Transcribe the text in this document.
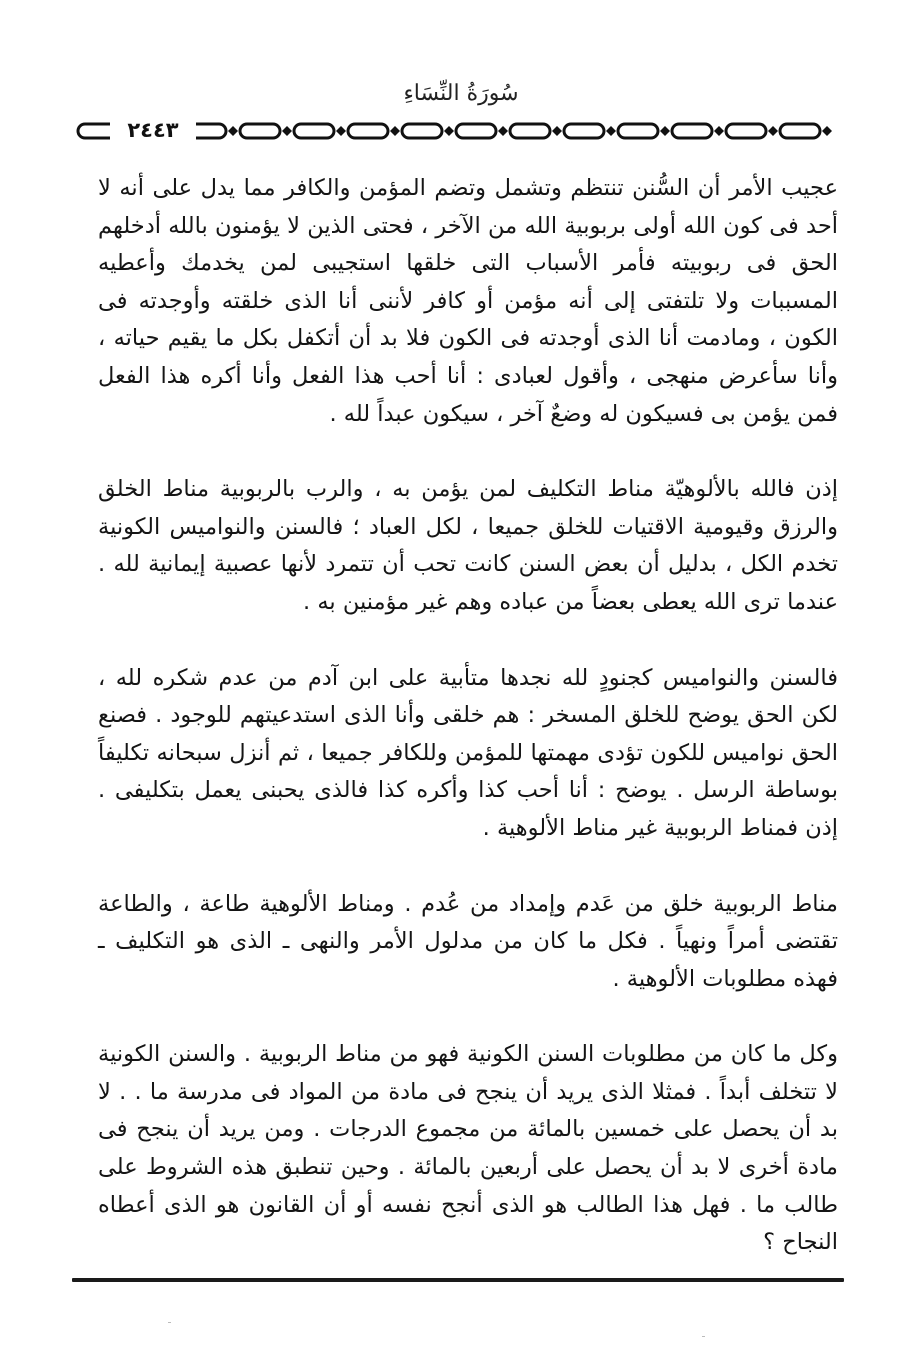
سُورَةُ النِّسَاءِ
٢٤٤٣

عجيب الأمر أن السُّنن تنتظم وتشمل وتضم المؤمن والكافر مما يدل على أنه لا أحد فى كون الله أولى بربوبية الله من الآخر ، فحتى الذين لا يؤمنون بالله أدخلهم الحق فى ربوبيته فأمر الأسباب التى خلقها استجيبى لمن يخدمك وأعطيه المسببات ولا تلتفتى إلى أنه مؤمن أو كافر لأننى أنا الذى خلقته وأوجدته فى الكون ، ومادمت أنا الذى أوجدته فى الكون فلا بد أن أتكفل بكل ما يقيم حياته ، وأنا سأعرض منهجى ، وأقول لعبادى : أنا أحب هذا الفعل وأنا أكره هذا الفعل فمن يؤمن بى فسيكون له وضعٌ آخر ، سيكون عبداً لله .

إذن فالله بالألوهيّة مناط التكليف لمن يؤمن به ، والرب بالربوبية مناط الخلق والرزق وقيومية الاقتيات للخلق جميعا ، لكل العباد ؛ فالسنن والنواميس الكونية تخدم الكل ، بدليل أن بعض السنن كانت تحب أن تتمرد لأنها عصبية إيمانية لله . عندما ترى الله يعطى بعضاً من عباده وهم غير مؤمنين به .

فالسنن والنواميس كجنودٍ لله نجدها متأبية على ابن آدم من عدم شكره لله ، لكن الحق يوضح للخلق المسخر : هم خلقى وأنا الذى استدعيتهم للوجود . فصنع الحق نواميس للكون تؤدى مهمتها للمؤمن وللكافر جميعا ، ثم أنزل سبحانه تكليفاً بوساطة الرسل . يوضح : أنا أحب كذا وأكره كذا فالذى يحبنى يعمل بتكليفى . إذن فمناط الربوبية غير مناط الألوهية .

مناط الربوبية خلق من عَدم وإمداد من عُدم . ومناط الألوهية طاعة ، والطاعة تقتضى أمراً ونهياً . فكل ما كان من مدلول الأمر والنهى ـ الذى هو التكليف ـ فهذه مطلوبات الألوهية .

وكل ما كان من مطلوبات السنن الكونية فهو من مناط الربوبية . والسنن الكونية لا تتخلف أبداً . فمثلا الذى يريد أن ينجح فى مادة من المواد فى مدرسة ما . . لا بد أن يحصل على خمسين بالمائة من مجموع الدرجات . ومن يريد أن ينجح فى مادة أخرى لا بد أن يحصل على أربعين بالمائة . وحين تنطبق هذه الشروط على طالب ما . فهل هذا الطالب هو الذى أنجح نفسه أو أن القانون هو الذى أعطاه النجاح ؟
